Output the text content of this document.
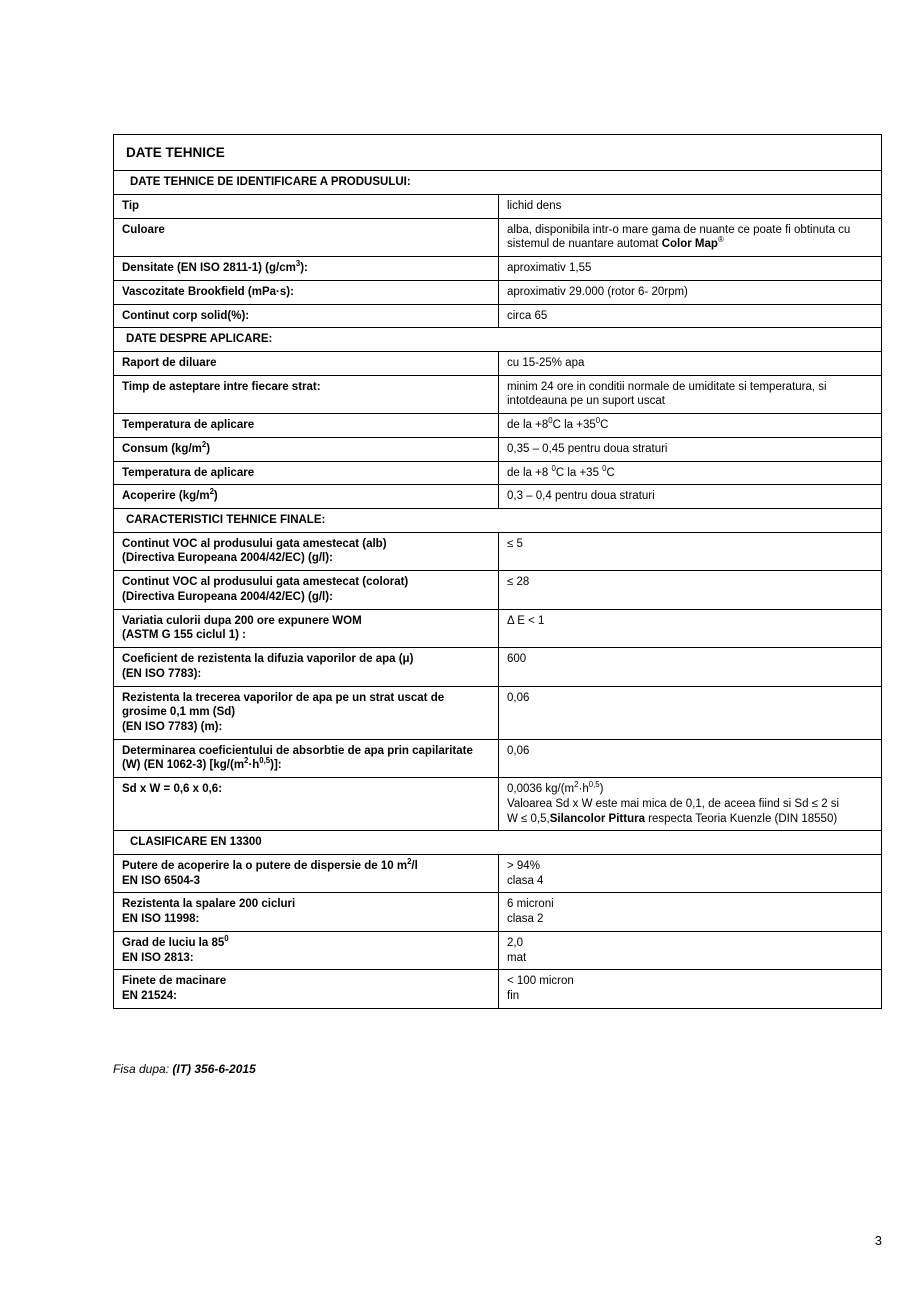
DATE TEHNICE	
DATE TEHNICE DE IDENTIFICARE A PRODUSULUI:	
Tip	lichid dens
Culoare	alba, disponibila intr-o mare gama de nuante ce poate fi obtinuta cu
sistemul de nuantare automat Color Map®

Densitate (EN ISO 2811-1) $(g/cm^3)$:	aproximativ 1,55
Vascozitate Brookfield (mPa·s):	aproximativ 29.000 (rotor 6- 20rpm)
Continut corp solid(%):	circa 65
DATE DESPRE APLICARE:	
Raport de diluare	cu 15-25% apa
Timp de asteptare intre fiecare strat:	minim 24 ore in conditii normale de umiditate si temperatura, si
intotdeauna pe un suport uscat

Temperatura de aplicare	de la $+8^0C$ la $+35^0C$
Consum $(kg/m^2)$	0,35 – 0,45 pentru doua straturi
Temperatura de aplicare	de la +8 $^0$C la +35 $^0$C
Acoperire $(kg/m^2)$	0,3 – 0,4 pentru doua straturi
CARACTERISTICI TEHNICE FINALE:	

Continut VOC al produsului gata amestecat (alb)
(Directiva Europeana 2004/42/EC) (g/l):	≤ 5

Continut VOC al produsului gata amestecat (colorat)
(Directiva Europeana 2004/42/EC) (g/l):	≤ 28

Variatia culorii dupa 200 ore expunere WOM
(ASTM G 155 ciclul 1) :	Δ E < 1

Coeficient de rezistenta la difuzia vaporilor de apa (μ)
(EN ISO 7783):	600

Rezistenta la trecerea vaporilor de apa pe un strat uscat de
grosime 0,1 mm (Sd)
(EN ISO 7783) (m):	0,06

Determinarea coeficientului de absorbtie de apa prin capilaritate
(W) (EN 1062-3) $[kg/(m^2\cdot h^{0,5})]$:	0,06
Sd x W = 0,6 x 0,6:	0,0036 $kg/(m^2\cdot h^{0,5})$
Valoarea Sd x W este mai mica de 0,1, de aceea fiind si Sd ≤ 2 si
W ≤ 0,5,Silancolor Pittura respecta Teoria Kuenzle (DIN 18550)

CLASIFICARE EN 13300	

Putere de acoperire la o putere de dispersie de 10 $m^2/l$
EN ISO 6504-3	> 94%
clasa 4

Rezistenta la spalare 200 cicluri
EN ISO 11998:	6 microni
clasa 2

Grad de luciu la $85^0$
EN ISO 2813:	2,0
mat

Finete de macinare
EN 21524:	< 100 micron
fin
Fisa dupa: (IT) 356-6-2015
3
